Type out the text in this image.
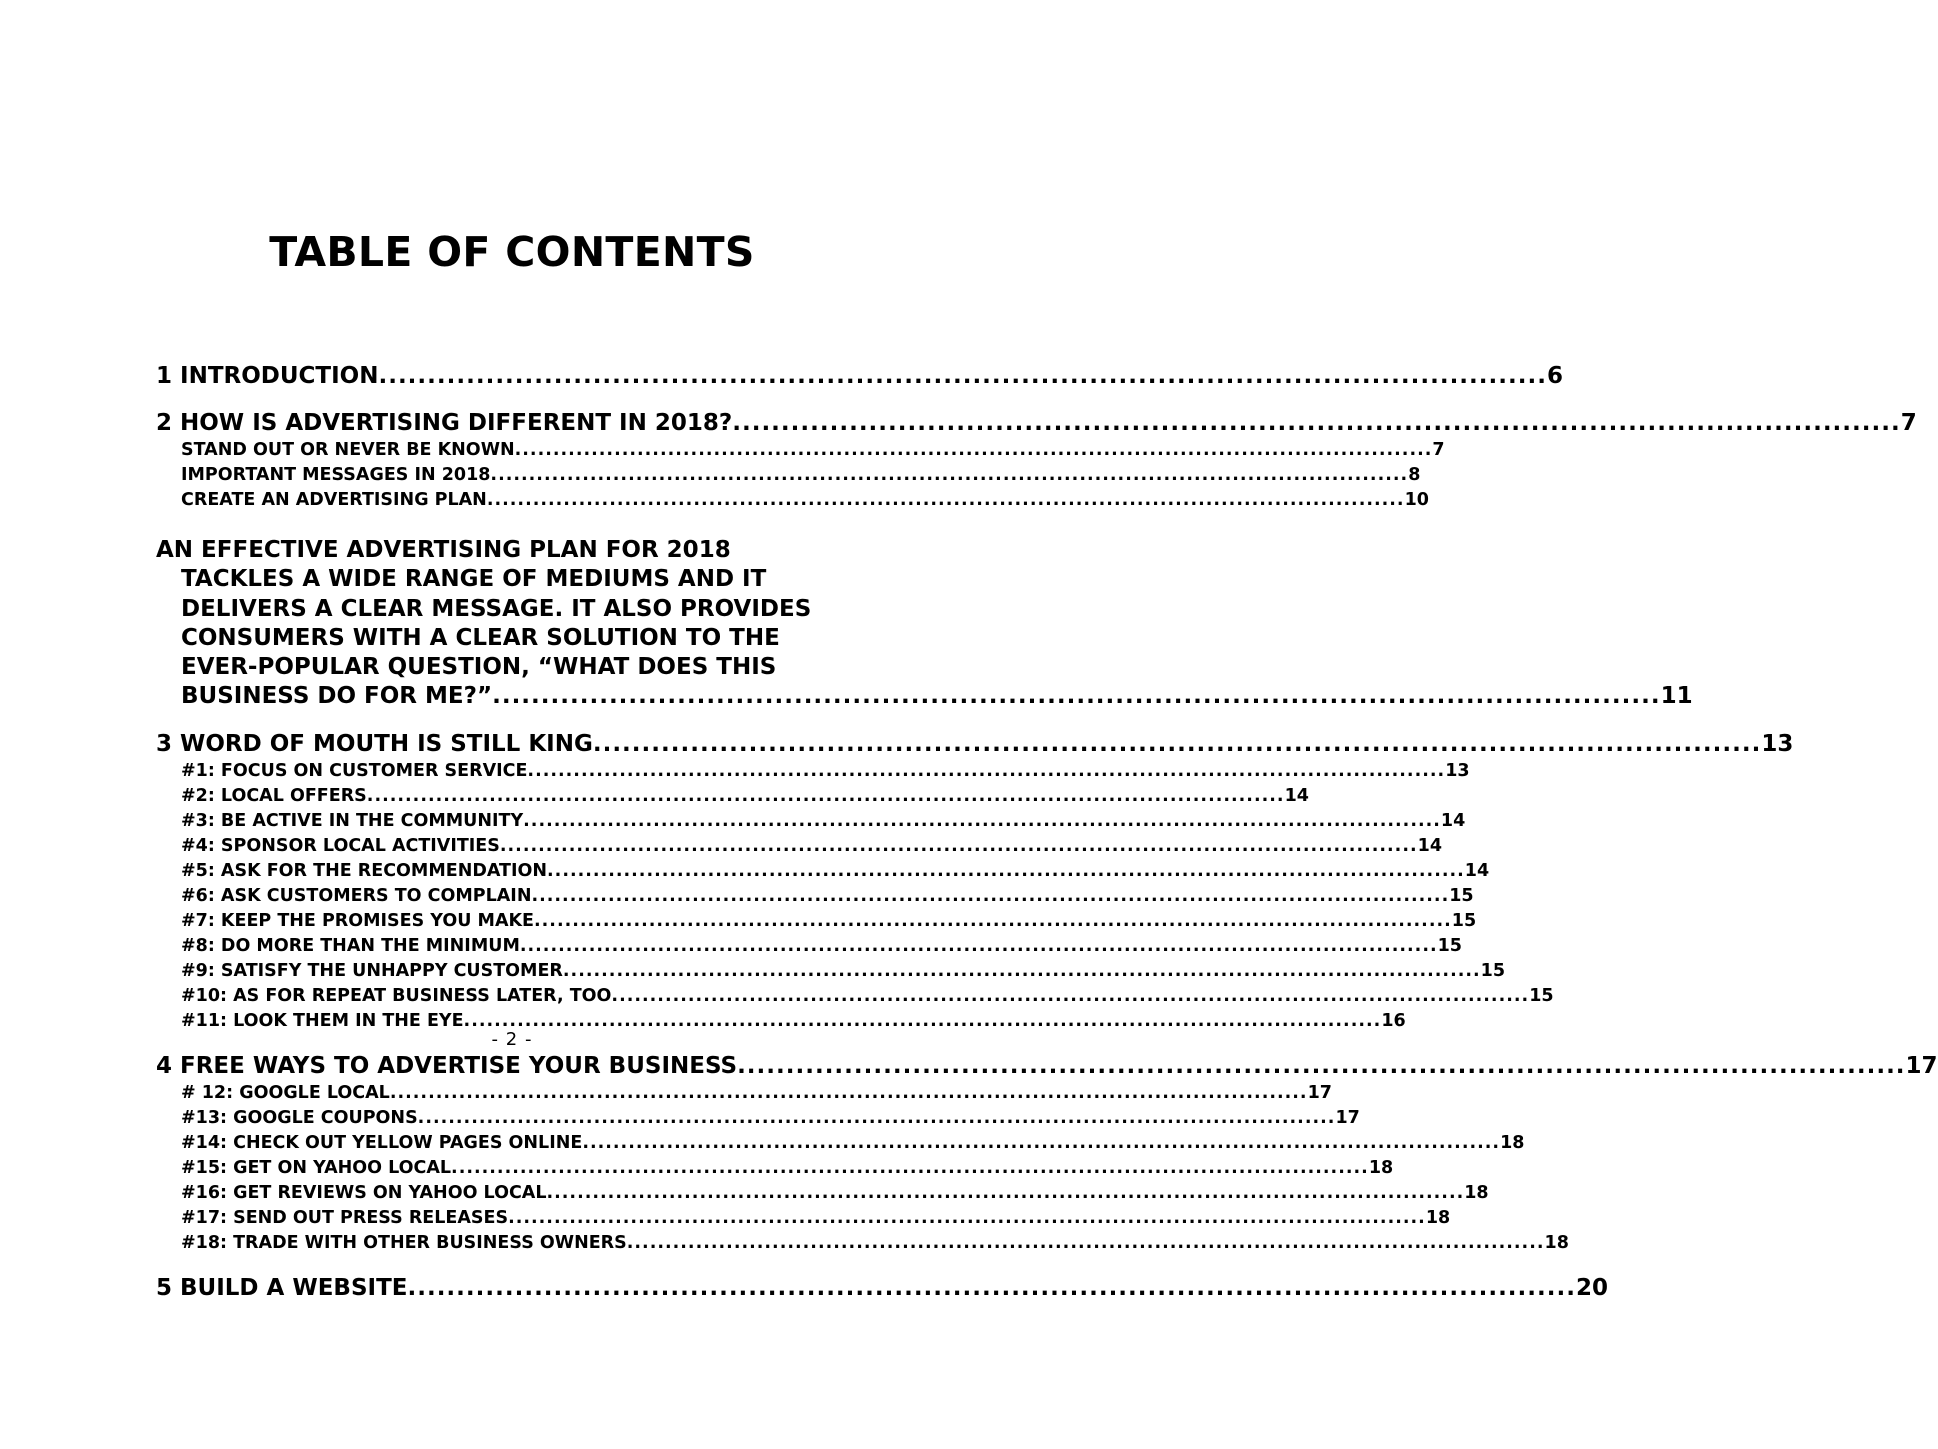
TABLE OF CONTENTS
1 INTRODUCTION ........................................................................................................................ 6
2 HOW IS ADVERTISING DIFFERENT IN 2018? ........................................................................................................................ 7
STAND OUT OR NEVER BE KNOWN ........................................................................................................................ 7
IMPORTANT MESSAGES IN 2018 ........................................................................................................................ 8
CREATE AN ADVERTISING PLAN ........................................................................................................................ 10
AN EFFECTIVE ADVERTISING PLAN FOR 2018
TACKLES A WIDE RANGE OF MEDIUMS AND IT
DELIVERS A CLEAR MESSAGE. IT ALSO PROVIDES
CONSUMERS WITH A CLEAR SOLUTION TO THE
EVER-POPULAR QUESTION, “WHAT DOES THIS
BUSINESS DO FOR ME?” ........................................................................................................................ 11
3 WORD OF MOUTH IS STILL KING ........................................................................................................................ 13
#1: FOCUS ON CUSTOMER SERVICE ........................................................................................................................ 13
#2: LOCAL OFFERS ........................................................................................................................ 14
#3: BE ACTIVE IN THE COMMUNITY ........................................................................................................................ 14
#4: SPONSOR LOCAL ACTIVITIES ........................................................................................................................ 14
#5: ASK FOR THE RECOMMENDATION ........................................................................................................................ 14
#6: ASK CUSTOMERS TO COMPLAIN ........................................................................................................................ 15
#7: KEEP THE PROMISES YOU MAKE ........................................................................................................................ 15
#8: DO MORE THAN THE MINIMUM ........................................................................................................................ 15
#9: SATISFY THE UNHAPPY CUSTOMER ........................................................................................................................ 15
#10: AS FOR REPEAT BUSINESS LATER, TOO ........................................................................................................................ 15
#11: LOOK THEM IN THE EYE ........................................................................................................................ 16
4 FREE WAYS TO ADVERTISE YOUR BUSINESS ........................................................................................................................ 17
# 12: GOOGLE LOCAL ........................................................................................................................ 17
#13: GOOGLE COUPONS ........................................................................................................................ 17
#14: CHECK OUT YELLOW PAGES ONLINE ........................................................................................................................ 18
#15: GET ON YAHOO LOCAL ........................................................................................................................ 18
#16: GET REVIEWS ON YAHOO LOCAL ........................................................................................................................ 18
#17: SEND OUT PRESS RELEASES ........................................................................................................................ 18
#18: TRADE WITH OTHER BUSINESS OWNERS ........................................................................................................................ 18
5 BUILD A WEBSITE ........................................................................................................................ 20
- 2 -
